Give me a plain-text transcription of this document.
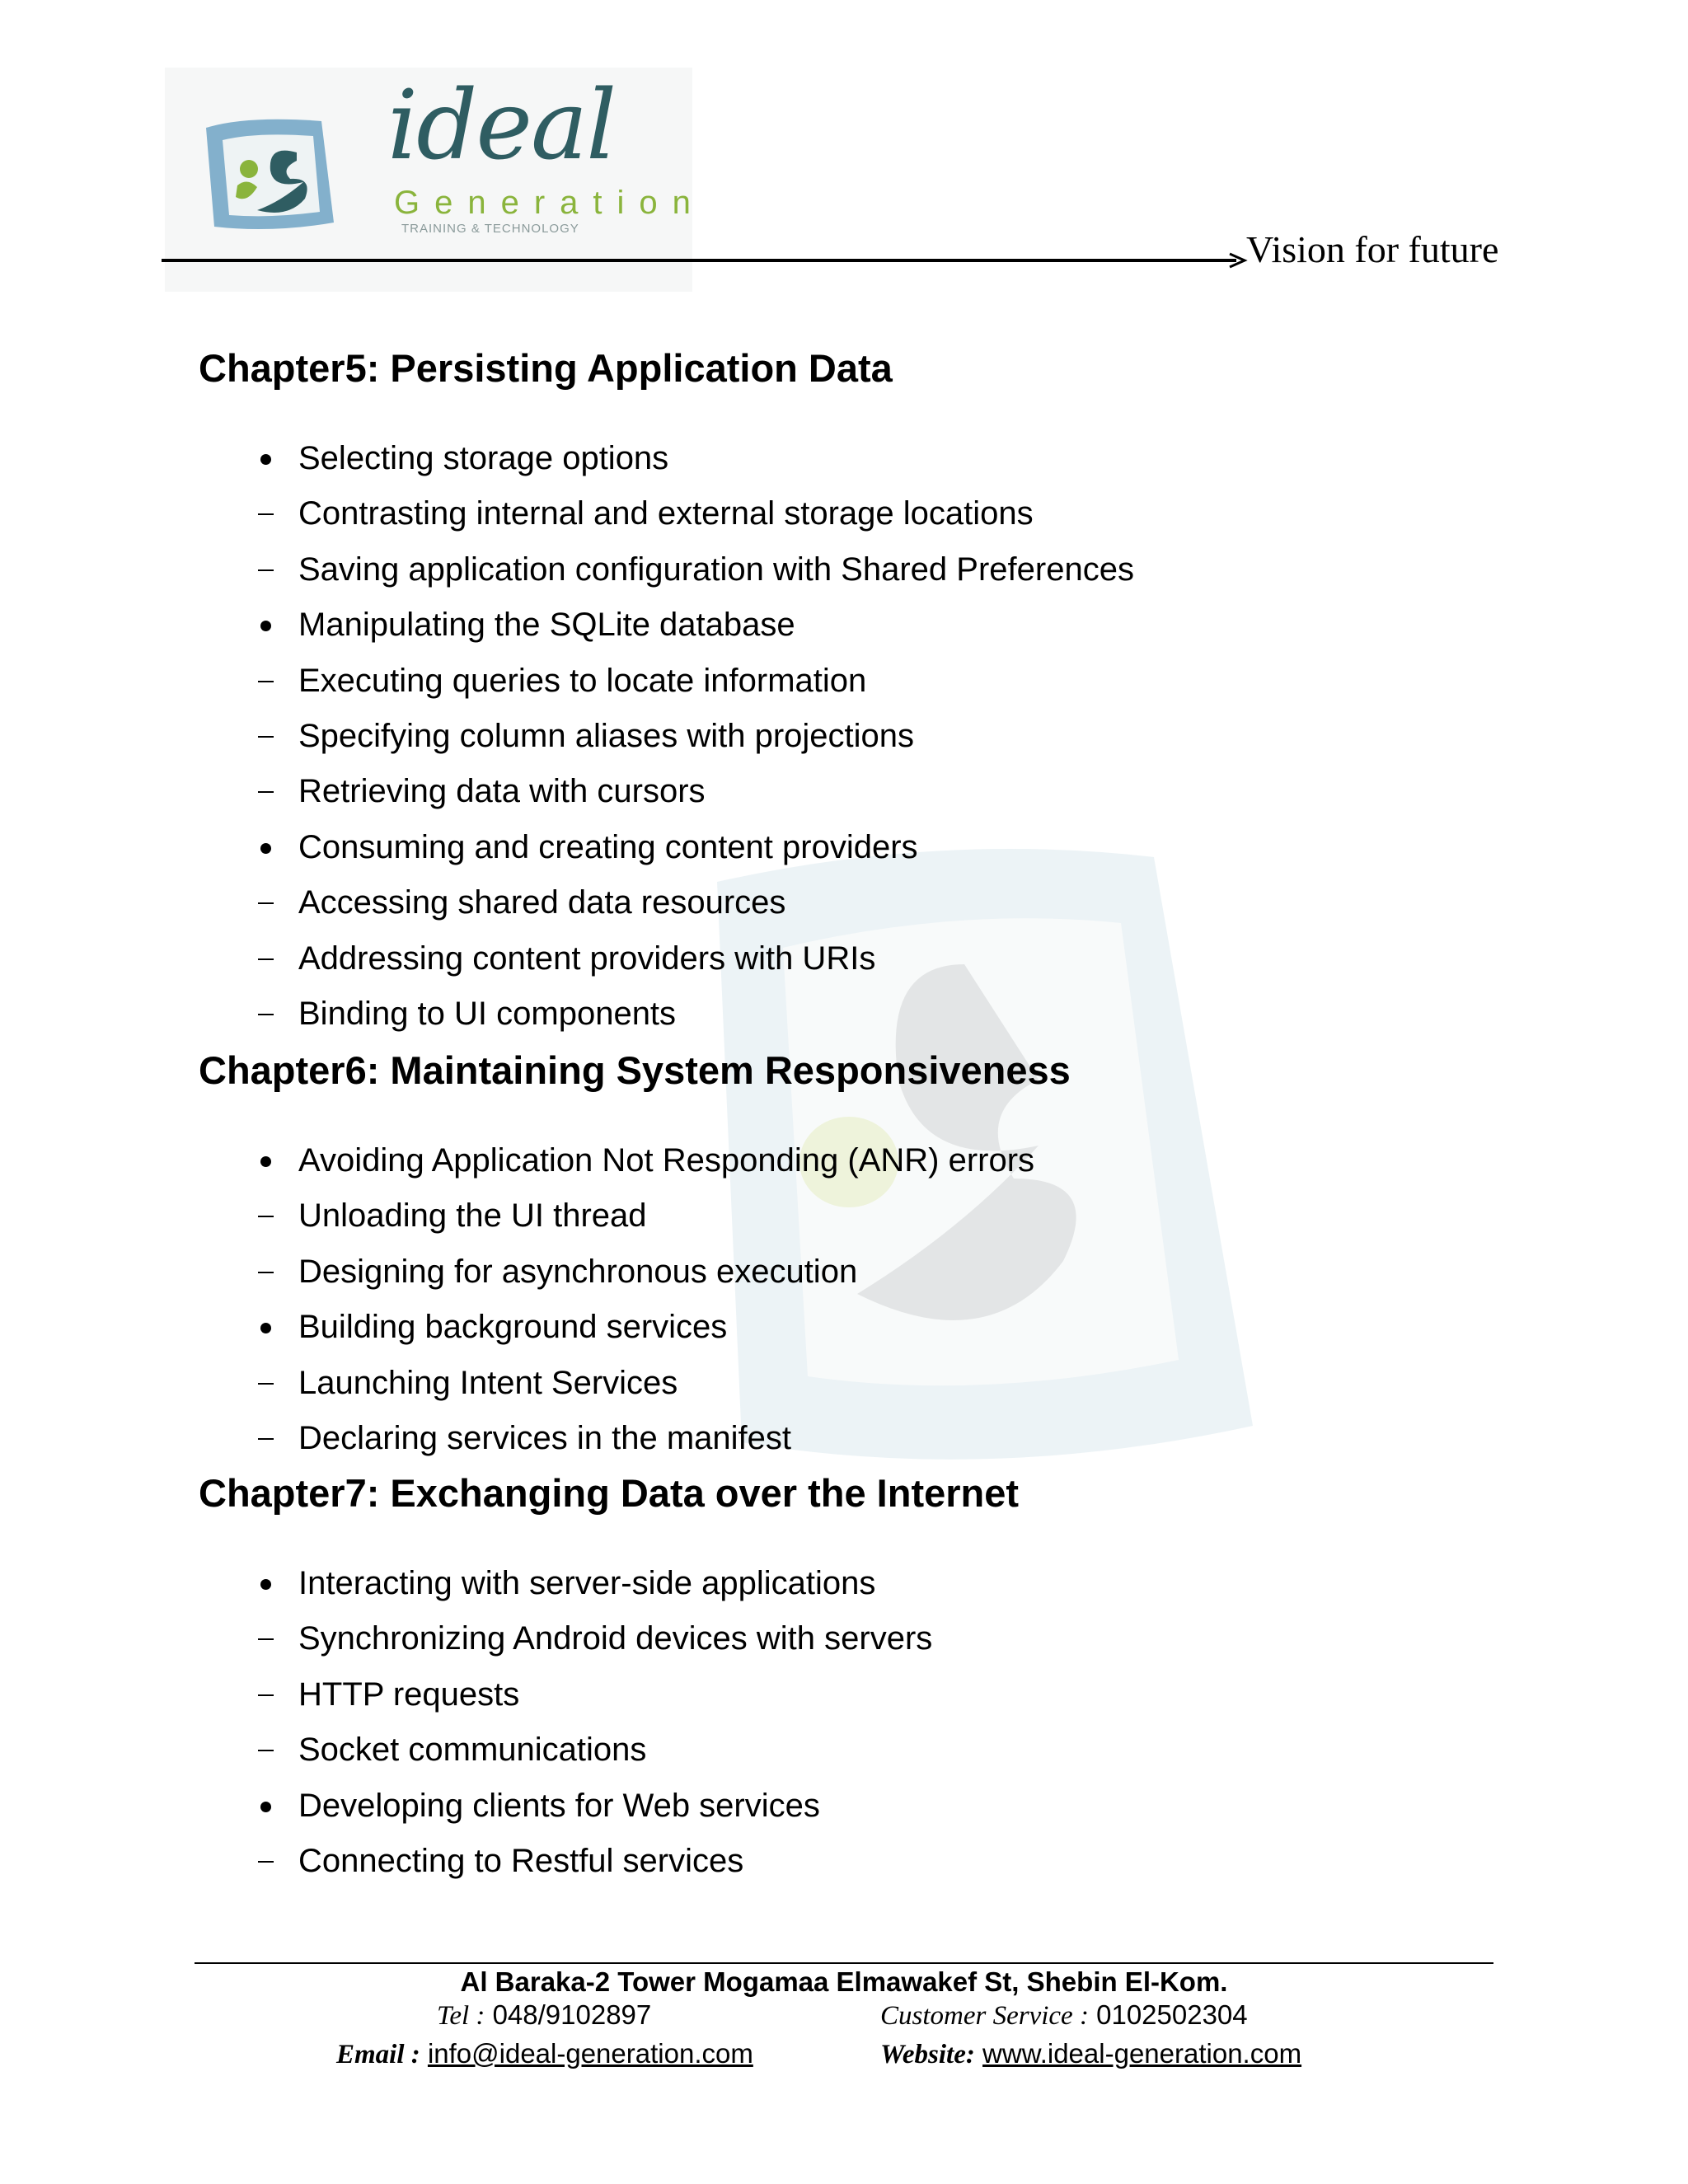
ideal
Generation
TRAINING & TECHNOLOGY	Vision for future
Chapter5: Persisting Application Data
Selecting storage options
Contrasting internal and external storage locations
Saving application configuration with Shared Preferences
Manipulating the SQLite database
Executing queries to locate information
Specifying column aliases with projections
Retrieving data with cursors
Consuming and creating content providers
Accessing shared data resources
Addressing content providers with URIs
Binding to UI components
Chapter6: Maintaining System Responsiveness
Avoiding Application Not Responding (ANR) errors
Unloading the UI thread
Designing for asynchronous execution
Building background services
Launching Intent Services
Declaring services in the manifest
Chapter7: Exchanging Data over the Internet
Interacting with server-side applications
Synchronizing Android devices with servers
HTTP requests
Socket communications
Developing clients for Web services
Connecting to Restful services
Al Baraka-2 Tower Mogamaa Elmawakef St, Shebin El-Kom.
Tel : 048/9102897	Customer Service : 0102502304
Email : info@ideal-generation.com	Website: www.ideal-generation.com
